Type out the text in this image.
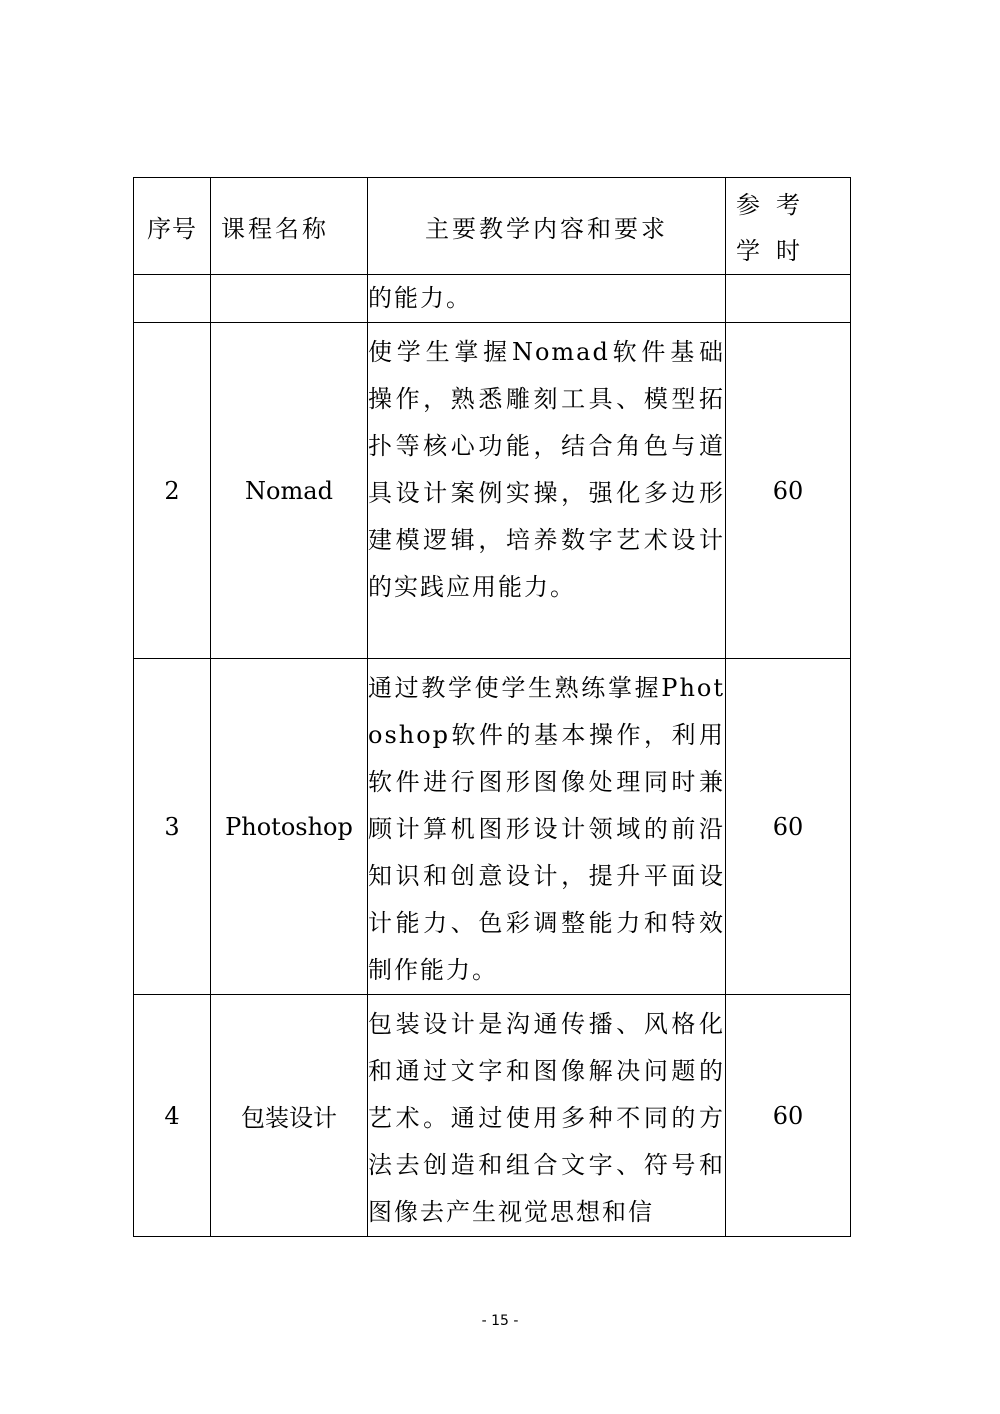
序号	课程名称	主要教学内容和要求	参考学时
		的能力。	
2	Nomad	使学生掌握Nomad软件基础操作，熟悉雕刻工具、模型拓扑等核心功能，结合角色与道具设计案例实操，强化多边形建模逻辑，培养数字艺术设计的实践应用能力。	60
3	Photoshop	通过教学使学生熟练掌握Photoshop软件的基本操作，利用软件进行图形图像处理同时兼顾计算机图形设计领域的前沿知识和创意设计，提升平面设计能力、色彩调整能力和特效制作能力。	60
4	包装设计	包装设计是沟通传播、风格化和通过文字和图像解决问题的艺术。通过使用多种不同的方法去创造和组合文字、符号和图像去产生视觉思想和信	60
- 15 -
